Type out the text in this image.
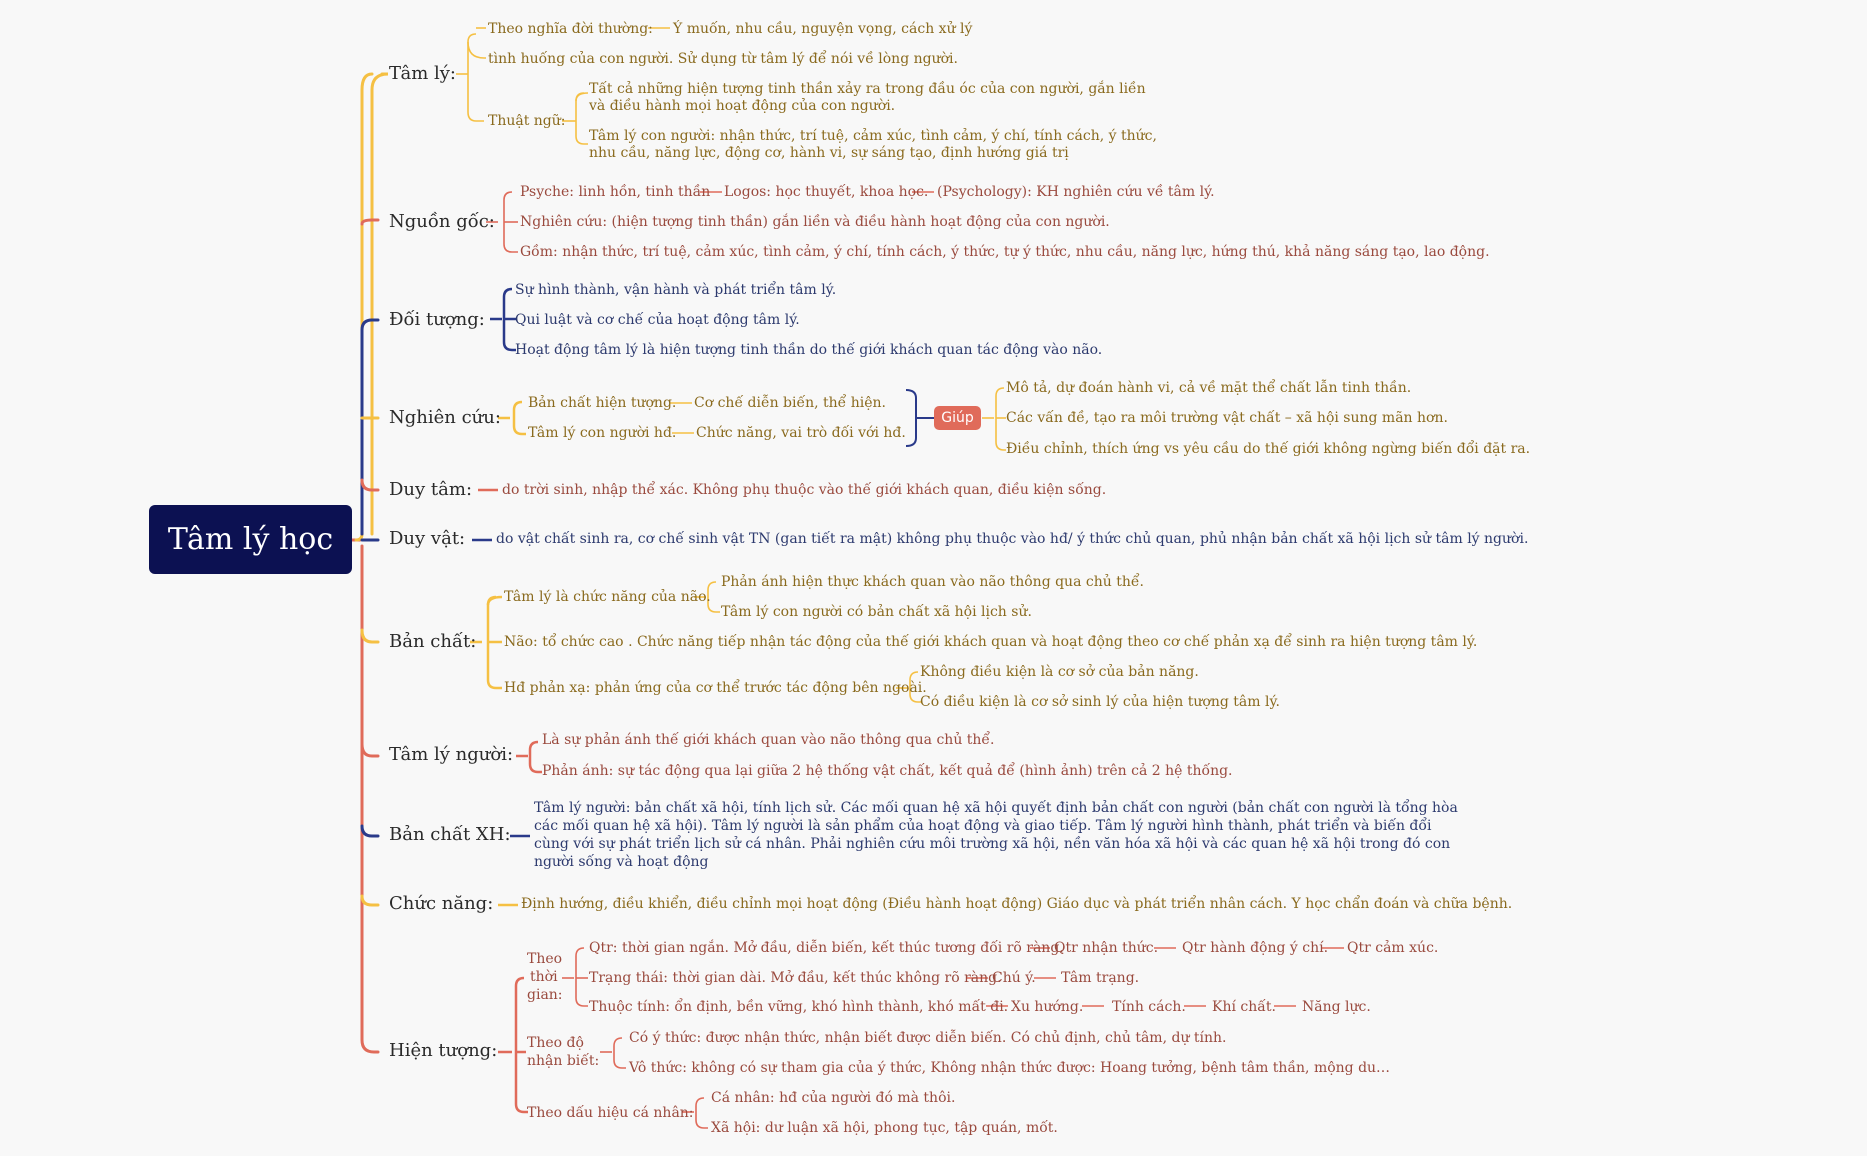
Tâm lý học
Tâm lý:
Nguồn gốc:
Đối tượng:
Nghiên cứu:
Duy tâm:
Duy vật:
Bản chất:
Tâm lý người:
Bản chất XH:
Chức năng:
Hiện tượng:
Theo nghĩa đời thường: Ý muốn, nhu cầu, nguyện vọng, cách xử lý
tình huống của con người. Sử dụng từ tâm lý để nói về lòng người.
Thuật ngữ:
Tất cả những hiện tượng tinh thần xảy ra trong đầu óc của con người, gắn liền
và điều hành mọi hoạt động của con người.
Tâm lý con người: nhận thức, trí tuệ, cảm xúc, tình cảm, ý chí, tính cách, ý thức,
nhu cầu, năng lực, động cơ, hành vi, sự sáng tạo, định hướng giá trị
Psyche: linh hồn, tinh thần Logos: học thuyết, khoa học. (Psychology): KH nghiên cứu về tâm lý.
Nghiên cứu: (hiện tượng tinh thần) gắn liền và điều hành hoạt động của con người.
Gồm: nhận thức, trí tuệ, cảm xúc, tình cảm, ý chí, tính cách, ý thức, tự ý thức, nhu cầu, năng lực, hứng thú, khả năng sáng tạo, lao động.
Sự hình thành, vận hành và phát triển tâm lý.
Qui luật và cơ chế của hoạt động tâm lý.
Hoạt động tâm lý là hiện tượng tinh thần do thế giới khách quan tác động vào não.
Bản chất hiện tượng. Cơ chế diễn biến, thể hiện.
Tâm lý con người hđ. Chức năng, vai trò đối với hđ.
Giúp
Mô tả, dự đoán hành vi, cả về mặt thể chất lẫn tinh thần.
Các vấn đề, tạo ra môi trường vật chất – xã hội sung mãn hơn.
Điều chỉnh, thích ứng vs yêu cầu do thế giới không ngừng biến đổi đặt ra.
do trời sinh, nhập thể xác. Không phụ thuộc vào thế giới khách quan, điều kiện sống.
do vật chất sinh ra, cơ chế sinh vật TN (gan tiết ra mật) không phụ thuộc vào hđ/ ý thức chủ quan, phủ nhận bản chất xã hội lịch sử tâm lý người.
Tâm lý là chức năng của não.
Phản ánh hiện thực khách quan vào não thông qua chủ thể.
Tâm lý con người có bản chất xã hội lịch sử.
Não: tổ chức cao . Chức năng tiếp nhận tác động của thế giới khách quan và hoạt động theo cơ chế phản xạ để sinh ra hiện tượng tâm lý.
Hđ phản xạ: phản ứng của cơ thể trước tác động bên ngoài.
Không điều kiện là cơ sở của bản năng.
Có điều kiện là cơ sở sinh lý của hiện tượng tâm lý.
Là sự phản ánh thế giới khách quan vào não thông qua chủ thể.
Phản ánh: sự tác động qua lại giữa 2 hệ thống vật chất, kết quả để (hình ảnh) trên cả 2 hệ thống.
Tâm lý người: bản chất xã hội, tính lịch sử. Các mối quan hệ xã hội quyết định bản chất con người (bản chất con người là tổng hòa
các mối quan hệ xã hội). Tâm lý người là sản phẩm của hoạt động và giao tiếp. Tâm lý người hình thành, phát triển và biến đổi
cùng với sự phát triển lịch sử cá nhân. Phải nghiên cứu môi trường xã hội, nền văn hóa xã hội và các quan hệ xã hội trong đó con
người sống và hoạt động
Định hướng, điều khiển, điều chỉnh mọi hoạt động (Điều hành hoạt động) Giáo dục và phát triển nhân cách. Y học chẩn đoán và chữa bệnh.
Theo
thời
gian:
Qtr: thời gian ngắn. Mở đầu, diễn biến, kết thúc tương đối rõ ràng.
Qtr nhận thức. Qtr hành động ý chí. Qtr cảm xúc.
Trạng thái: thời gian dài. Mở đầu, kết thúc không rõ ràng.
Chú ý. Tâm trạng.
Thuộc tính: ổn định, bền vững, khó hình thành, khó mất đi. Xu hướng. Tính cách. Khí chất. Năng lực.
Theo độ
nhận biết:
Có ý thức: được nhận thức, nhận biết được diễn biến. Có chủ định, chủ tâm, dự tính.
Vô thức: không có sự tham gia của ý thức, Không nhận thức được: Hoang tưởng, bệnh tâm thần, mộng du…
Theo dấu hiệu cá nhân:
Cá nhân: hđ của người đó mà thôi.
Xã hội: dư luận xã hội, phong tục, tập quán, mốt.
